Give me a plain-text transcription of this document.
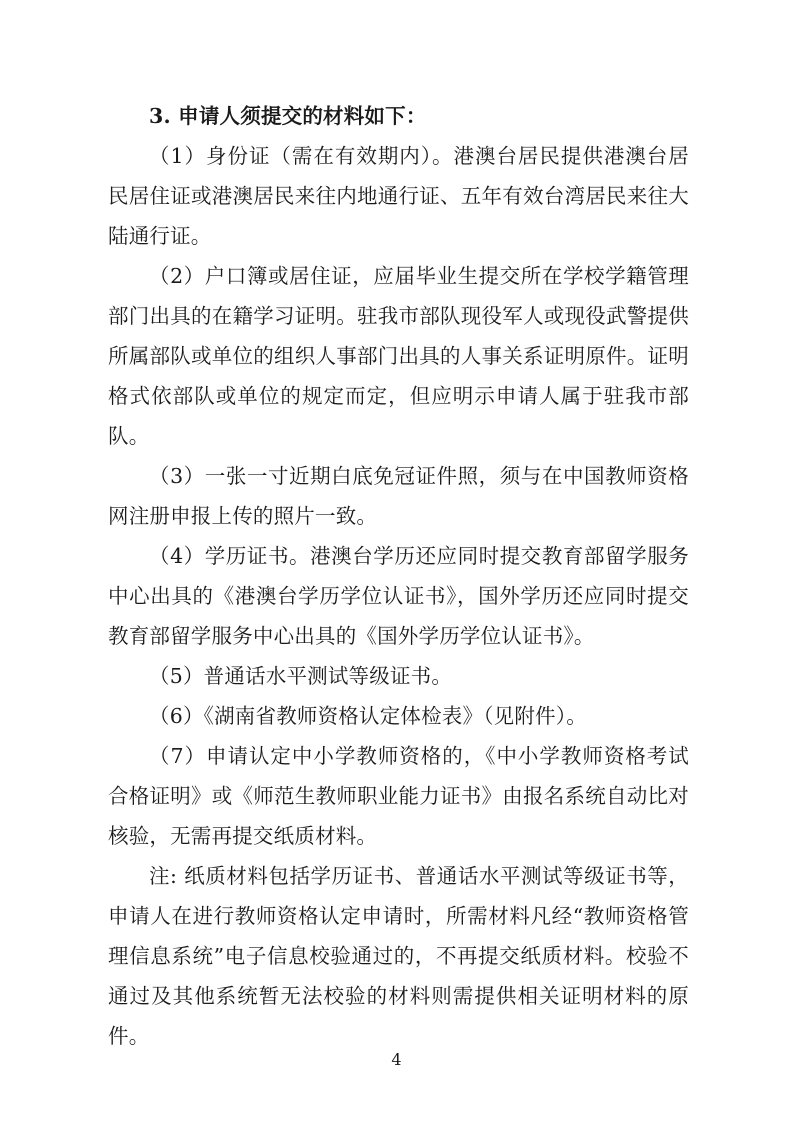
3. 申请人须提交的材料如下：

（1）身份证（需在有效期内）。港澳台居民提供港澳台居民居住证或港澳居民来往内地通行证、五年有效台湾居民来往大陆通行证。

（2）户口簿或居住证，应届毕业生提交所在学校学籍管理部门出具的在籍学习证明。驻我市部队现役军人或现役武警提供所属部队或单位的组织人事部门出具的人事关系证明原件。证明格式依部队或单位的规定而定，但应明示申请人属于驻我市部队。

（3）一张一寸近期白底免冠证件照，须与在中国教师资格网注册申报上传的照片一致。

（4）学历证书。港澳台学历还应同时提交教育部留学服务中心出具的《港澳台学历学位认证书》，国外学历还应同时提交教育部留学服务中心出具的《国外学历学位认证书》。

（5）普通话水平测试等级证书。

（6）《湖南省教师资格认定体检表》（见附件）。

（7）申请认定中小学教师资格的，《中小学教师资格考试合格证明》或《师范生教师职业能力证书》由报名系统自动比对核验，无需再提交纸质材料。

注: 纸质材料包括学历证书、普通话水平测试等级证书等，申请人在进行教师资格认定申请时，所需材料凡经“教师资格管理信息系统”电子信息校验通过的，不再提交纸质材料。校验不通过及其他系统暂无法校验的材料则需提供相关证明材料的原件。

4
